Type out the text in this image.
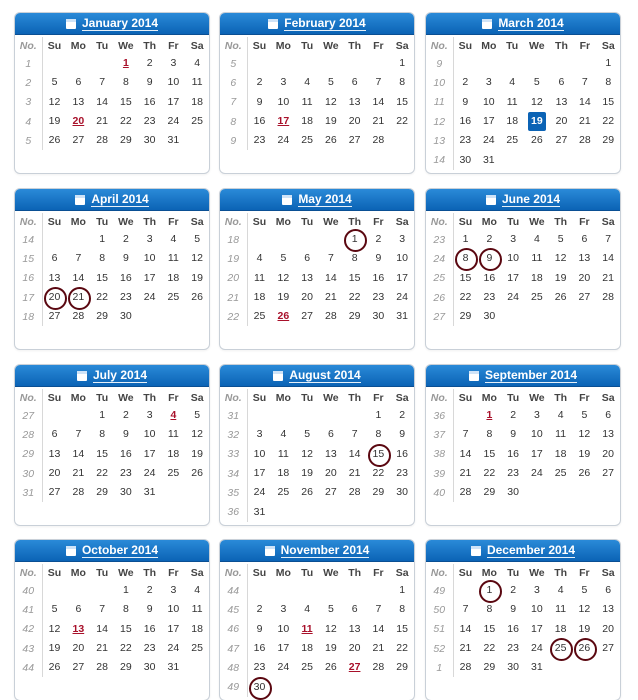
January 2014
No.	Su	Mo	Tu	We	Th	Fr	Sa
1				1	2	3	4
2	5	6	7	8	9	10	11
3	12	13	14	15	16	17	18
4	19	20	21	22	23	24	25
5	26	27	28	29	30	31	
February 2014
No.	Su	Mo	Tu	We	Th	Fr	Sa
5							1
6	2	3	4	5	6	7	8
7	9	10	11	12	13	14	15
8	16	17	18	19	20	21	22
9	23	24	25	26	27	28	
March 2014
No.	Su	Mo	Tu	We	Th	Fr	Sa
9							1
10	2	3	4	5	6	7	8
11	9	10	11	12	13	14	15
12	16	17	18	19	20	21	22
13	23	24	25	26	27	28	29
14	30	31					
April 2014
No.	Su	Mo	Tu	We	Th	Fr	Sa
14			1	2	3	4	5
15	6	7	8	9	10	11	12
16	13	14	15	16	17	18	19
17	20	21	22	23	24	25	26
18	27	28	29	30			
May 2014
No.	Su	Mo	Tu	We	Th	Fr	Sa
18					1	2	3
19	4	5	6	7	8	9	10
20	11	12	13	14	15	16	17
21	18	19	20	21	22	23	24
22	25	26	27	28	29	30	31
June 2014
No.	Su	Mo	Tu	We	Th	Fr	Sa
23	1	2	3	4	5	6	7
24	8	9	10	11	12	13	14
25	15	16	17	18	19	20	21
26	22	23	24	25	26	27	28
27	29	30					
July 2014
No.	Su	Mo	Tu	We	Th	Fr	Sa
27			1	2	3	4	5
28	6	7	8	9	10	11	12
29	13	14	15	16	17	18	19
30	20	21	22	23	24	25	26
31	27	28	29	30	31		
August 2014
No.	Su	Mo	Tu	We	Th	Fr	Sa
31						1	2
32	3	4	5	6	7	8	9
33	10	11	12	13	14	15	16
34	17	18	19	20	21	22	23
35	24	25	26	27	28	29	30
36	31						
September 2014
No.	Su	Mo	Tu	We	Th	Fr	Sa
36		1	2	3	4	5	6
37	7	8	9	10	11	12	13
38	14	15	16	17	18	19	20
39	21	22	23	24	25	26	27
40	28	29	30				
October 2014
No.	Su	Mo	Tu	We	Th	Fr	Sa
40				1	2	3	4
41	5	6	7	8	9	10	11
42	12	13	14	15	16	17	18
43	19	20	21	22	23	24	25
44	26	27	28	29	30	31	
November 2014
No.	Su	Mo	Tu	We	Th	Fr	Sa
44							1
45	2	3	4	5	6	7	8
46	9	10	11	12	13	14	15
47	16	17	18	19	20	21	22
48	23	24	25	26	27	28	29
49	30						
December 2014
No.	Su	Mo	Tu	We	Th	Fr	Sa
49		1	2	3	4	5	6
50	7	8	9	10	11	12	13
51	14	15	16	17	18	19	20
52	21	22	23	24	25	26	27
1	28	29	30	31			
